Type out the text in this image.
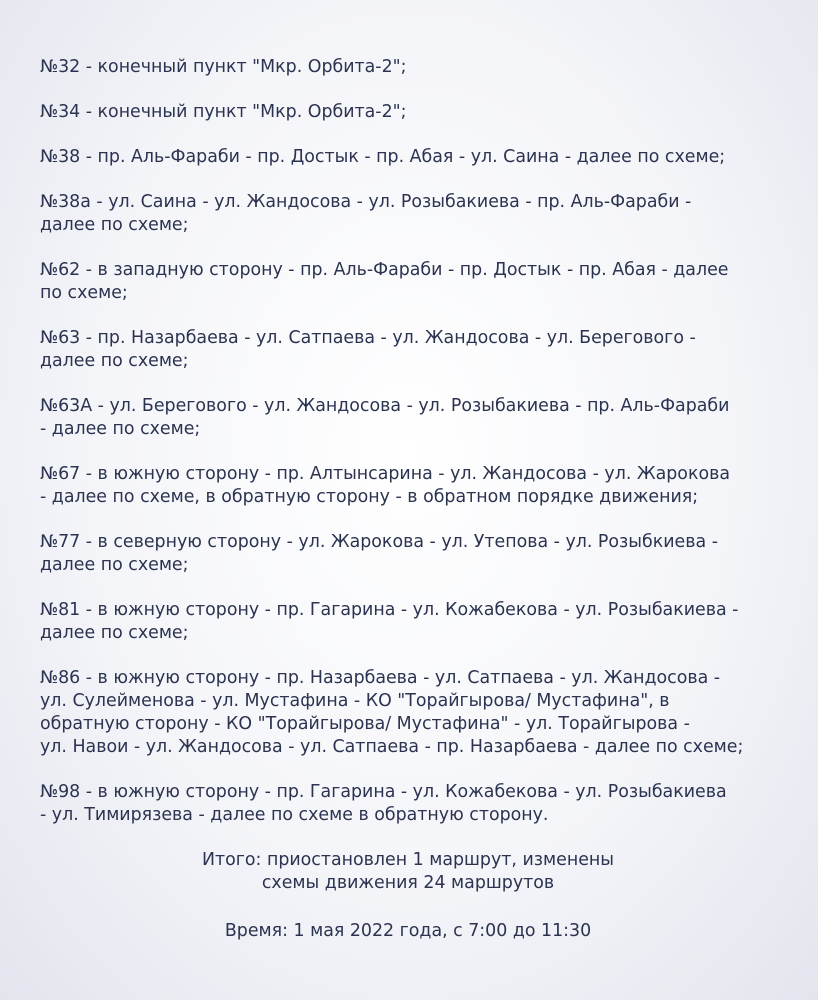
№32 - конечный пункт "Мкр. Орбита-2";
№34 - конечный пункт "Мкр. Орбита-2";
№38 - пр. Аль-Фараби - пр. Достык - пр. Абая - ул. Саина - далее по схеме;
№38а - ул. Саина - ул. Жандосова - ул. Розыбакиева - пр. Аль-Фараби -
далее по схеме;
№62 - в западную сторону - пр. Аль-Фараби - пр. Достык - пр. Абая - далее
по схеме;
№63 - пр. Назарбаева - ул. Сатпаева - ул. Жандосова - ул. Берегового -
далее по схеме;
№63А - ул. Берегового - ул. Жандосова - ул. Розыбакиева - пр. Аль-Фараби
- далее по схеме;
№67 - в южную сторону - пр. Алтынсарина - ул. Жандосова - ул. Жарокова
- далее по схеме, в обратную сторону - в обратном порядке движения;
№77 - в северную сторону - ул. Жарокова - ул. Утепова - ул. Розыбкиева -
далее по схеме;
№81 - в южную сторону - пр. Гагарина - ул. Кожабекова - ул. Розыбакиева -
далее по схеме;
№86 - в южную сторону - пр. Назарбаева - ул. Сатпаева - ул. Жандосова -
ул. Сулейменова - ул. Мустафина - КО "Торайгырова/ Мустафина", в
обратную сторону - КО "Торайгырова/ Мустафина" - ул. Торайгырова -
ул. Навои - ул. Жандосова - ул. Сатпаева - пр. Назарбаева - далее по схеме;
№98 - в южную сторону - пр. Гагарина - ул. Кожабекова - ул. Розыбакиева
- ул. Тимирязева - далее по схеме в обратную сторону.
Итого: приостановлен 1 маршрут, изменены
схемы движения 24 маршрутов
Время: 1 мая 2022 года, с 7:00 до 11:30
